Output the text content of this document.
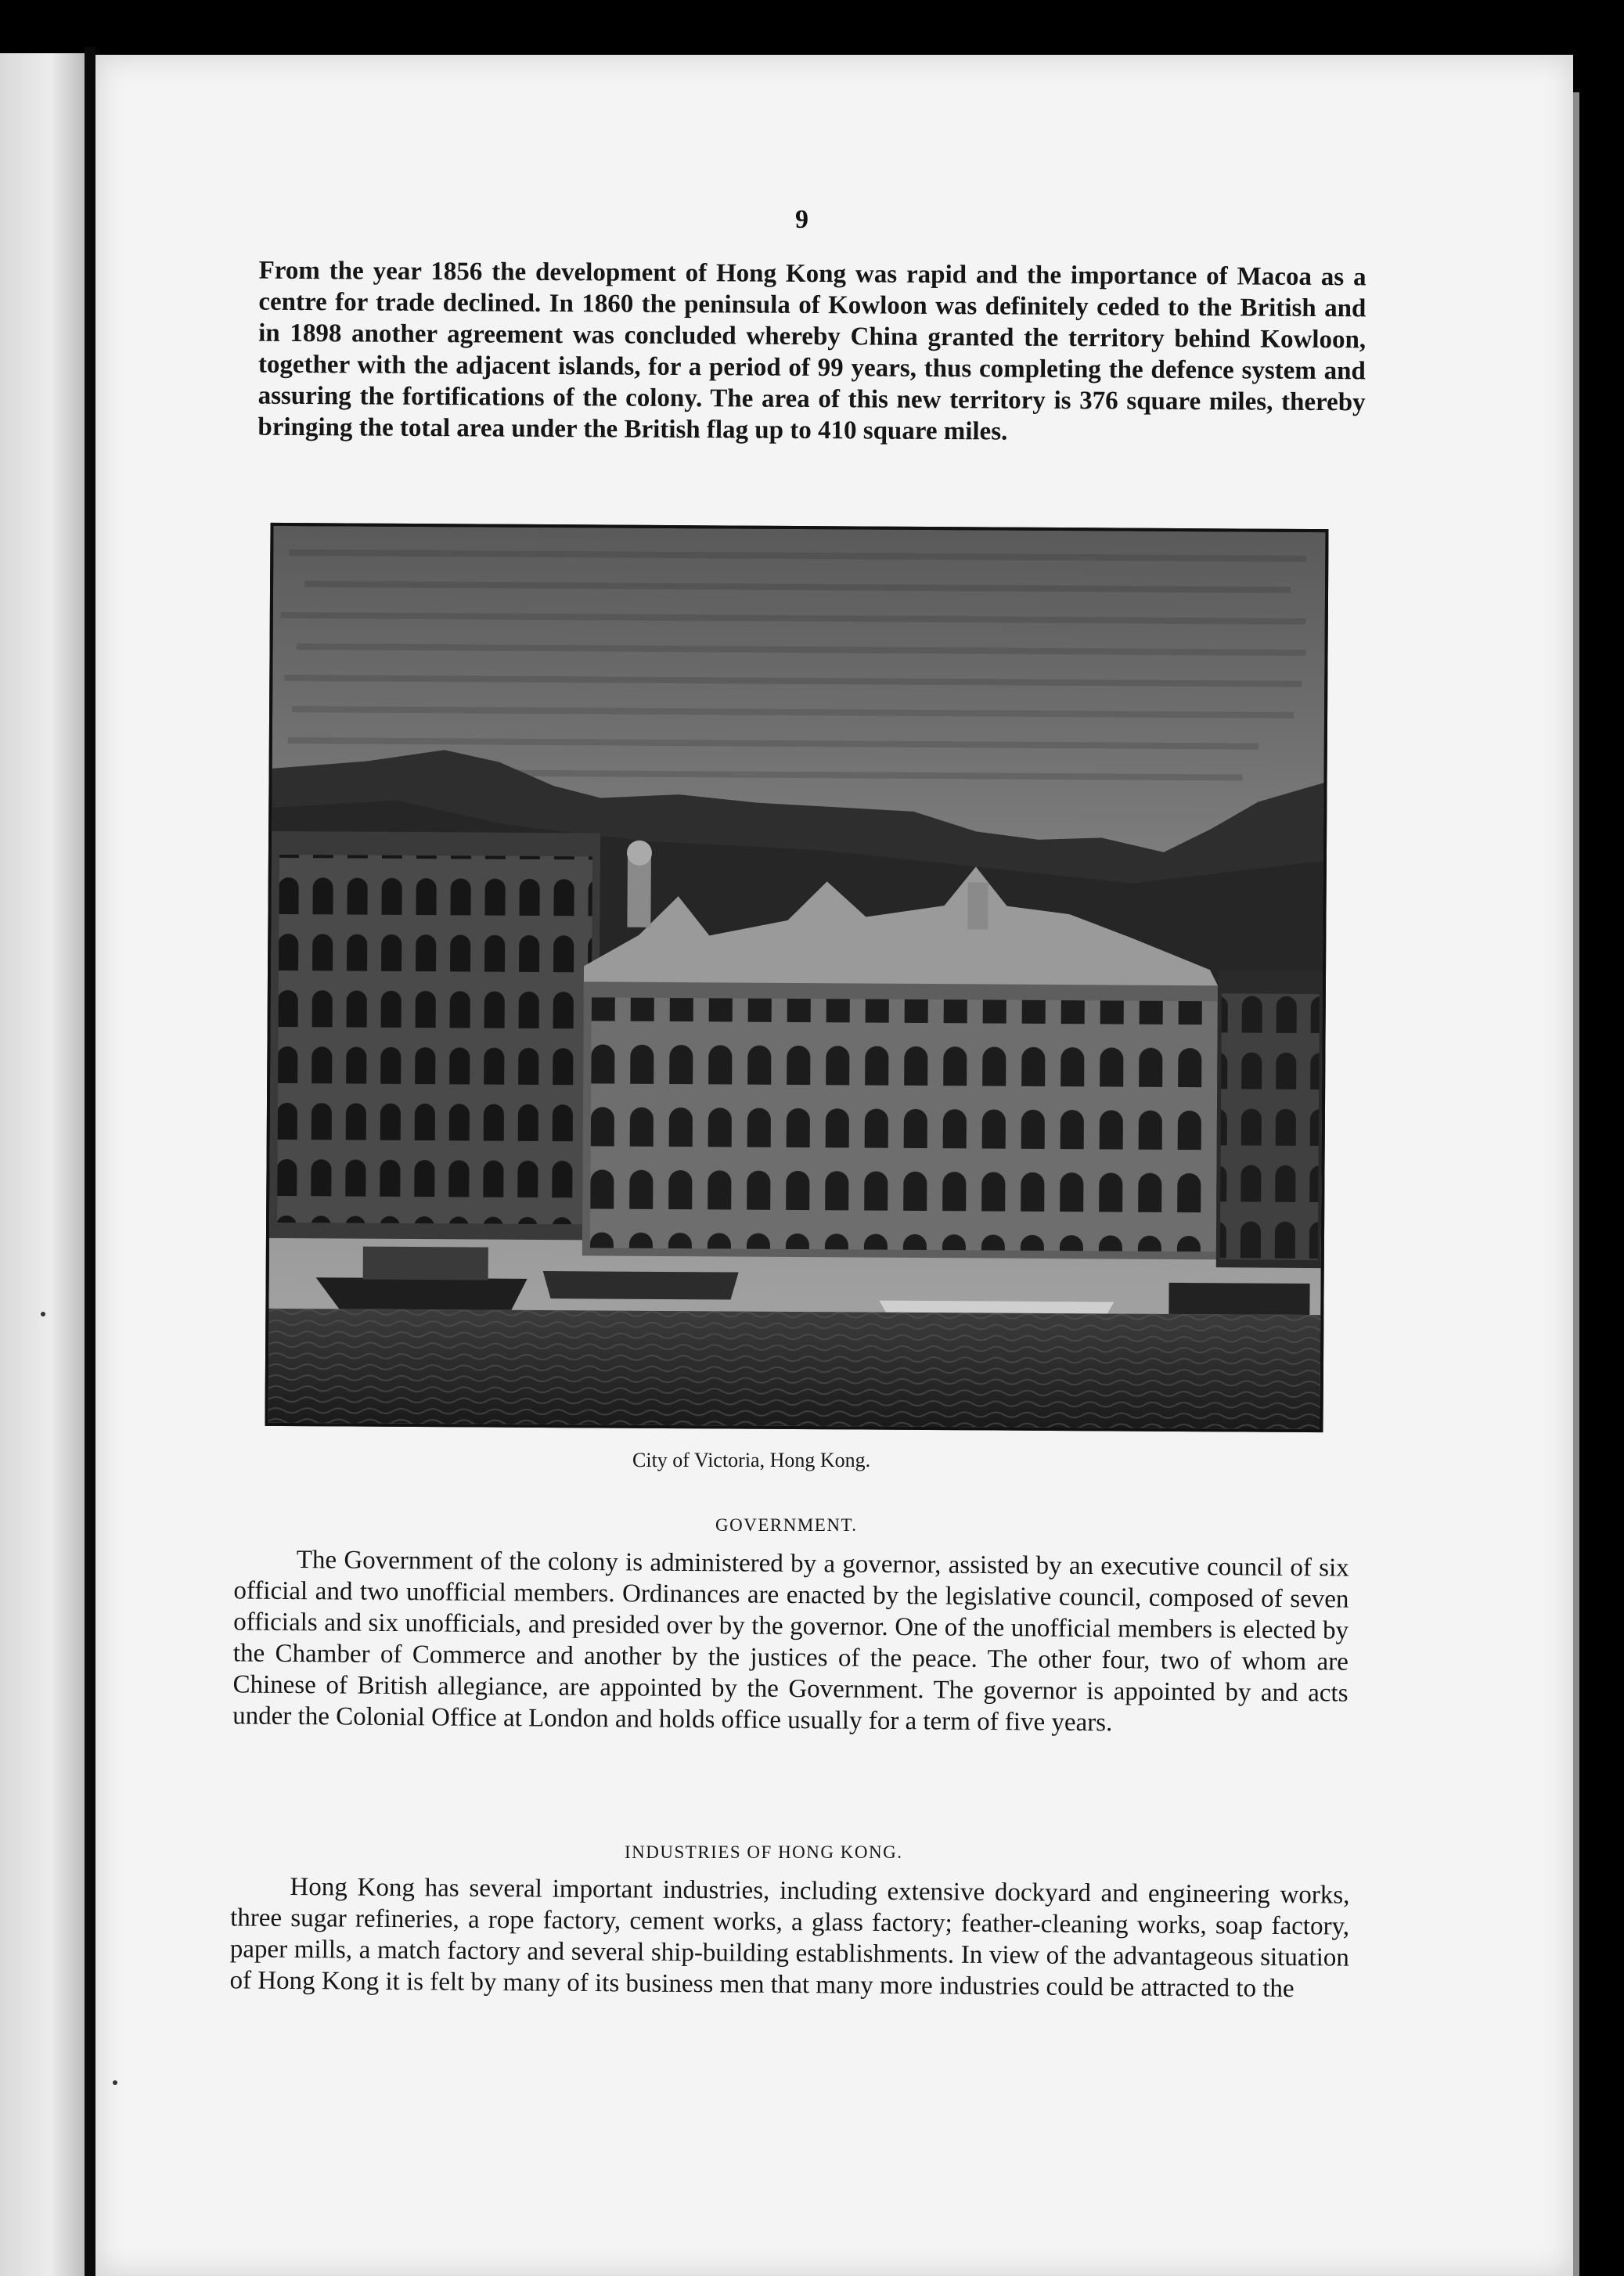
9

From the year 1856 the development of Hong Kong was rapid and the importance of Macoa as a centre for trade declined. In 1860 the peninsula of Kowloon was definitely ceded to the British and in 1898 another agreement was concluded whereby China granted the territory behind Kowloon, together with the adjacent islands, for a period of 99 years, thus completing the defence system and assuring the fortifications of the colony. The area of this new territory is 376 square miles, thereby bringing the total area under the British flag up to 410 square miles.

City of Victoria, Hong Kong.
GOVERNMENT.

The Government of the colony is administered by a governor, assisted by an executive council of six official and two unofficial members. Ordinances are enacted by the legislative council, composed of seven officials and six unofficials, and presided over by the governor. One of the unofficial members is elected by the Chamber of Commerce and another by the justices of the peace. The other four, two of whom are Chinese of British allegiance, are appointed by the Government. The governor is appointed by and acts under the Colonial Office at London and holds office usually for a term of five years.

INDUSTRIES OF HONG KONG.

Hong Kong has several important industries, including extensive dockyard and engineering works, three sugar refineries, a rope factory, cement works, a glass factory; feather-cleaning works, soap factory, paper mills, a match factory and several ship-building establishments. In view of the advantageous situation of Hong Kong it is felt by many of its business men that many more industries could be attracted to the
